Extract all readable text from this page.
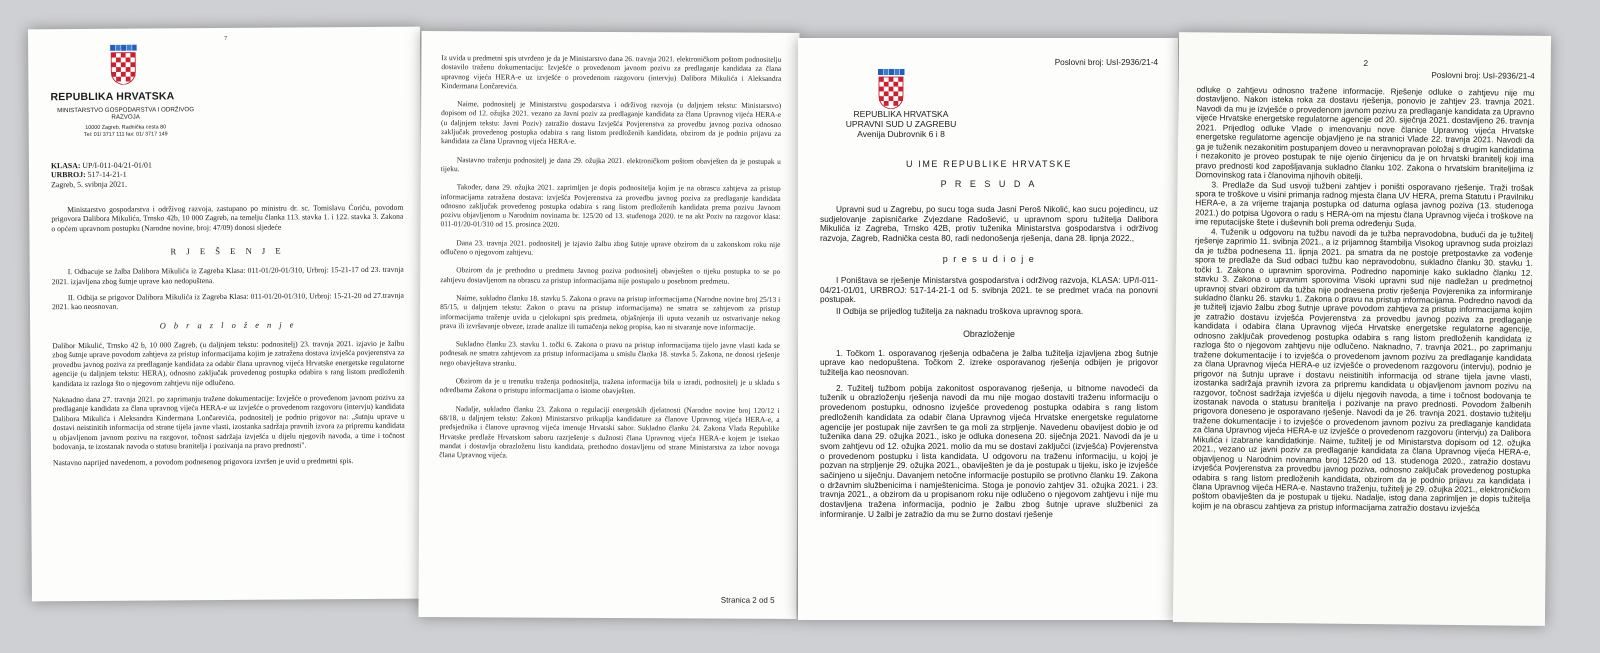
7
REPUBLIKA HRVATSKA
MINISTARSTVO GOSPODARSTVA I ODRŽIVOG RAZVOJA
10000 Zagreb, Radnička cesta 80
Tel: 01/ 3717 111 fax: 01/ 3717 149
KLASA: UP/I-011-04/21-01/01
URBROJ: 517-14-21-1
Zagreb, 5. svibnja 2021.

Ministarstvo gospodarstva i održivog razvoja, zastupano po ministru dr. sc. Tomislavu Ćoriću, povodom prigovora Dalibora Mikulića, Trnsko 42b, 10 000 Zagreb, na temelju članka 113. stavka 1. i 122. stavka 3. Zakona o općem upravnom postupku (Narodne novine, broj: 47/09) donosi sljedeće

R J E Š E N J E

I. Odbacuje se žalba Dalibora Mikulića iz Zagreba Klasa: 011-01/20-01/310, Urbroj: 15-21-17 od 23. travnja 2021. izjavljena zbog šutnje uprave kao nedopuštena.

II. Odbija se prigovor Dalibora Mikulića iz Zagreba Klasa: 011-01/20-01/310, Urbroj: 15-21-20 od 27.travnja 2021. kao neosnovan.

O b r a z l o ž e n j e

Dalibor Mikulić, Trnsko 42 b, 10 000 Zagreb, (u daljnjem tekstu: podnositelj) 23. travnja 2021. izjavio je žalbu zbog šutnje uprave povodom zahtjeva za pristup informacijama kojim je zatražena dostava izvješća povjerenstva za provedbu javnog poziva za predlaganje kandidata za odabir člana upravnog vijeća Hrvatske energetske regulatorne agencije (u daljnjem tekstu: HERA), odnosno zaključak provedenog postupka odabira s rang listom predloženih kandidata iz razloga što o njegovom zahtjevu nije odlučeno.

Naknadno dana 27. travnja 2021. po zaprimanju tražene dokumentacije: Izvješće o provedenom javnom pozivu za predlaganje kandidata za člana upravnog vijeća HERA-e uz izvješće o provedenom razgovoru (intervju) kandidata Dalibora Mikulića i Aleksandra Kindermana Lončarevića, podnositelj je podnio prigovor na: „šutnju uprave u dostavi neistinitih informacija od strane tijela javne vlasti, izostanka sadržaja pravnih izvora za pripremu kandidata u objavljenom javnom pozivu na razgovor, točnost sadržaja izvješća u dijelu njegovih navoda, a time i točnost bodovanja, te izostanak navoda o statusu branitelja i pozivanja na pravo prednosti".

Nastavno naprijed navedenom, a povodom podnesenog prigovora izvršen je uvid u predmetni spis.

Iz uvida u predmetni spis utvrđeno je da je Ministarstvo dana 26. travnja 2021. elektroničkom poštom podnositelju dostavilo traženu dokumentaciju: Izvješće o provedenom javnom pozivu za predlaganje kandidata za člana upravnog vijeća HERA-e uz izvješće o provedenom razgovoru (intervju) Dalibora Mikulića i Aleksandra Kindermana Lončarevića.

Naime, podnositelj je Ministarstvu gospodarstva i održivog razvoja (u daljnjem tekstu: Ministarstvo) dopisom od 12. ožujka 2021. vezano za Javni poziv za predlaganje kandidata za člana Upravnog vijeća HERA-e (u daljnjem tekstu: Javni Poziv) zatražio dostavu Izvješća Povjerenstva za provedbu javnog poziva odnosno zaključak provedenog postupka odabira s rang listom predloženih kandidata, obzirom da je podnio prijavu za kandidata za člana Upravnog vijeća HERA-e.

Nastavno traženju podnositelj je dana 29. ožujka 2021. elektroničkom poštom obavješten da je postupak u tijeku.

Također, dana 29. ožujka 2021. zaprimljen je dopis podnositelja kojim je na obrascu zahtjeva za pristup informacijama zatražena dostava: izvješća Povjerenstva za provedbu javnog poziva za predlaganje kandidata odnosno zaključak provedenog postupka odabira s rang listom predloženih kandidata prema pozivu Javnom pozivu objavljenom u Narodnim novinama br. 125/20 od 13. studenoga 2020. te na akt Poziv na razgovor klasa: 011-01/20-01/310 od 15. prosinca 2020.

Dana 23. travnja 2021. podnositelj je izjavio žalbu zbog šutnje uprave obzirom da u zakonskom roku nije odlučeno o njegovom zahtjevu.

Obzirom da je prethodno u predmetu Javnog poziva podnositelj obavješten o tijeku postupka to se po zahtjevu dostavljenom na obrascu za pristup informacijama nije postupalo u posebnom predmetu.

Naime, sukladno članku 18. stavku 5. Zakona o pravu na pristup informacijama (Narodne novine broj 25/13 i 85/15, u daljnjem tekstu: Zakon o pravu na pristup informacijama) ne smatra se zahtjevom za pristup informacijama traženje uvida u cjelokupni spis predmeta, objašnjenja ili uputa vezanih uz ostvarivanje nekog prava ili izvršavanje obveze, izrade analize ili tumačenja nekog propisa, kao ni stvaranje nove informacije.

Sukladno članku 23. stavku 1. točki 6. Zakona o pravu na pristup informacijama tijelo javne vlasti kada se podnesak ne smatra zahtjevom za pristup informacijama u smislu članka 18. stavka 5. Zakona, ne donosi rješenje nego obavještava stranku.

Obzirom da je u trenutku traženja podnositelja, tražena informacija bila u izradi, podnositelj je u skladu s odredbama Zakona o pristupu informacijama o istome obavješten.

Nadalje, sukladno članku 23. Zakona o regulaciji energetskih djelatnosti (Narodne novine broj 120/12 i 68/18, u daljnjem tekstu: Zakon) Ministarstvo prikuplja kandidature za članove Upravnog vijeća HERA-e, a predsjednika i članove upravnog vijeća imenuje Hrvatski sabor. Sukladno članku 24. Zakona Vlada Republike Hrvatske predlaže Hrvatskom saboru razrješenje s dužnosti člana Upravnog vijeća HERA-e kojem je istekao mandat i dostavlja obrazloženu listu kandidata, prethodno dostavljenu od strane Ministarstva za izbor novoga člana Upravnog vijeća.

Stranica 2 od 5
Poslovni broj: UsI-2936/21-4
REPUBLIKA HRVATSKA
UPRAVNI SUD U ZAGREBU
Avenija Dubrovnik 6 i 8
U IME REPUBLIKE HRVATSKE
P R E S U D A

Upravni sud u Zagrebu, po sucu toga suda Jasni Peroš Nikolić, kao sucu pojedincu, uz sudjelovanje zapisničarke Zvjezdane Radošević, u upravnom sporu tužitelja Dalibora Mikulića iz Zagreba, Trnsko 42B, protiv tuženika Ministarstva gospodarstva i održivog razvoja, Zagreb, Radnička cesta 80, radi nedonošenja rješenja, dana 28. lipnja 2022.,

p r e s u d i o j e

I Poništava se rješenje Ministarstva gospodarstva i održivog razvoja, KLASA: UP/I-011-04/21-01/01, URBROJ: 517-14-21-1 od 5. svibnja 2021. te se predmet vraća na ponovni postupak.

II Odbija se prijedlog tužitelja za naknadu troškova upravnog spora.

Obrazloženje

1. Točkom 1. osporavanog rješenja odbačena je žalba tužitelja izjavljena zbog šutnje uprave kao nedopuštena. Točkom 2. izreke osporavanog rješenja odbijen je prigovor tužitelja kao neosnovan.

2. Tužitelj tužbom pobija zakonitost osporavanog rješenja, u bitnome navodeći da tuženik u obrazloženju rješenja navodi da mu nije mogao dostaviti traženu informaciju o provedenom postupku, odnosno izvješće provedenog postupka odabira s rang listom predloženih kandidata za odabir člana Upravnog vijeća Hrvatske energetske regulatorne agencije jer postupak nije završen te ga moli za strpljenje. Navedenu obavijest dobio je od tuženika dana 29. ožujka 2021., isko je odluka donesena 20. siječnja 2021. Navodi da je u svom zahtjevu od 12. ožujka 2021. molio da mu se dostavi zaključci (izvješća) Povjerenstva o provedenom postupku i lista kandidata. U odgovoru na traženu informaciju, u kojoj je pozvan na strpljenje 29. ožujka 2021., obaviješten je da je postupak u tijeku, isko je izvješće sačinjeno u siječnju. Davanjem netočne informacije postupilo se protivno članku 19. Zakona o državnim službenicima i namještenicima. Stoga je ponovio zahtjev 31. ožujka 2021. i 23. travnja 2021., a obzirom da u propisanom roku nije odlučeno o njegovom zahtjevu i nije mu dostavljena tražena informacija, podnio je žalbu zbog šutnje uprave službenici za informiranje. U žalbi je zatražio da mu se žurno dostavi rješenje

2
Poslovni broj: UsI-2936/21-4

odluke o zahtjevu odnosno tražene informacije. Rješenje odluke o zahtjevu nije mu dostavljeno. Nakon isteka roka za dostavu rješenja, ponovio je zahtjev 23. travnja 2021. Navodi da mu je izvješće o provedenom javnom pozivu za predlaganje kandidata za Upravno vijeće Hrvatske energetske regulatorne agencije od 20. siječnja 2021. dostavljeno 26. travnja 2021. Prijedlog odluke Vlade o imenovanju nove članice Upravnog vijeća Hrvatske energetske regulatorne agencije objavljeno je na stranici Vlade 22. travnja 2021. Navodi da ga je tuženik nezakonitim postupanjem doveo u neravnopravan položaj s drugim kandidatima i nezakonito je proveo postupak te nije ojenio činjenicu da je on hrvatski branitelj koji ima pravo prednosti kod zapošljavanja sukladno članku 102. Zakona o hrvatskim braniteljima iz Domovinskog rata i članovima njihovih obitelji.

3. Predlaže da Sud usvoji tužbeni zahtjev i poništi osporavano rješenje. Traži trošak spora te troškove u visini primanja radnog mjesta člana UV HERA, prema Statutu i Pravilniku HERA-e, a za vrijeme trajanja postupka od datuma oglasa javnog poziva (13. studenoga 2021.) do potpisa Ugovora o radu s HERA-om na mjestu člana Upravnog vijeća i troškove na ime reputacijske štete i duševnih boli prema određenju Suda.

4. Tuženik u odgovoru na tužbu navodi da je tužba nepravodobna, budući da je tužitelj rješenje zaprimio 11. svibnja 2021., a iz prijamnog štambilja Visokog upravnog suda proizlazi da je tužba podnesena 11. lipnja 2021. pa smatra da ne postoje pretpostavke za vođenje spora te predlaže da Sud odbaci tužbu kao nepravodobnu, sukladno članku 30. stavku 1. točki 1. Zakona o upravnim sporovima. Podredno napominje kako sukladno članku 12. stavku 3. Zakona o upravnim sporovima Visoki upravni sud nije nadležan u predmetnoj upravnoj stvari obzirom da tužba nije podnesena protiv rješenja Povjerenika za informiranje sukladno članku 26. stavku 1. Zakona o pravu na pristup informacijama. Podredno navodi da je tužitelj izjavio žalbu zbog šutnje uprave povodom zahtjeva za pristup informacijama kojim je zatražio dostavu izvješća Povjerenstva za provedbu javnog poziva za predlaganje kandidata i odabira člana Upravnog vijeća Hrvatske energetske regulatorne agencije, odnosno zaključak provedenog postupka odabira s rang listom predloženih kandidata iz razloga što o njegovom zahtjevu nije odlučeno. Naknadno, 7. travnja 2021., po zaprimanju tražene dokumentacije i to izvješća o provedenom javnom pozivu za predlaganje kandidata za člana Upravnog vijeća HERA-e uz izvješće o provedenom razgovoru (intervju), podnio je prigovor na šutnju uprave i dostavu neistinitih informacija od strane tijela javne vlasti, izostanka sadržaja pravnih izvora za pripremu kandidata u objavljenom javnom pozivu na razgovor, točnost sadržaja izvješća u dijelu njegovih navoda, a time i točnost bodovanja te izostanak navoda o statusu branitelja i pozivanje na pravo prednosti. Povodom žalbenih prigovora doneseno je osporavano rješenje. Navodi da je 26. travnja 2021. dostavio tužitelju tražene dokumentacije i to izvješće o provedenom javnom pozivu za predlaganje kandidata za člana Upravnog vijeća HERA-e uz izvješće o provedenom razgovoru (intervju) za Dalibora Mikulića i izabrane kandidatkinje. Naime, tužitelj je od Ministarstva dopisom od 12. ožujka 2021., vezano uz javni poziv za predlaganje kandidata za člana Upravnog vijeća HERA-e, objavljenog u Narodnim novinama broj 125/20 od 13. studenoga 2020., zatražio dostavu izvješća Povjerenstva za provedbu javnog poziva, odnosno zaključak provedenog postupka odabira s rang listom predloženih kandidata, obzirom da je podnio prijavu za kandidata i člana Upravnog vijeća HERA-e. Nastavno traženju, tužitelj je 29. ožujka 2021., elektroničkom poštom obaviješten da je postupak u tijeku. Nadalje, istog dana zaprimljen je dopis tužitelja kojim je na obrascu zahtjeva za pristup informacijama zatražio dostavu izvješća
